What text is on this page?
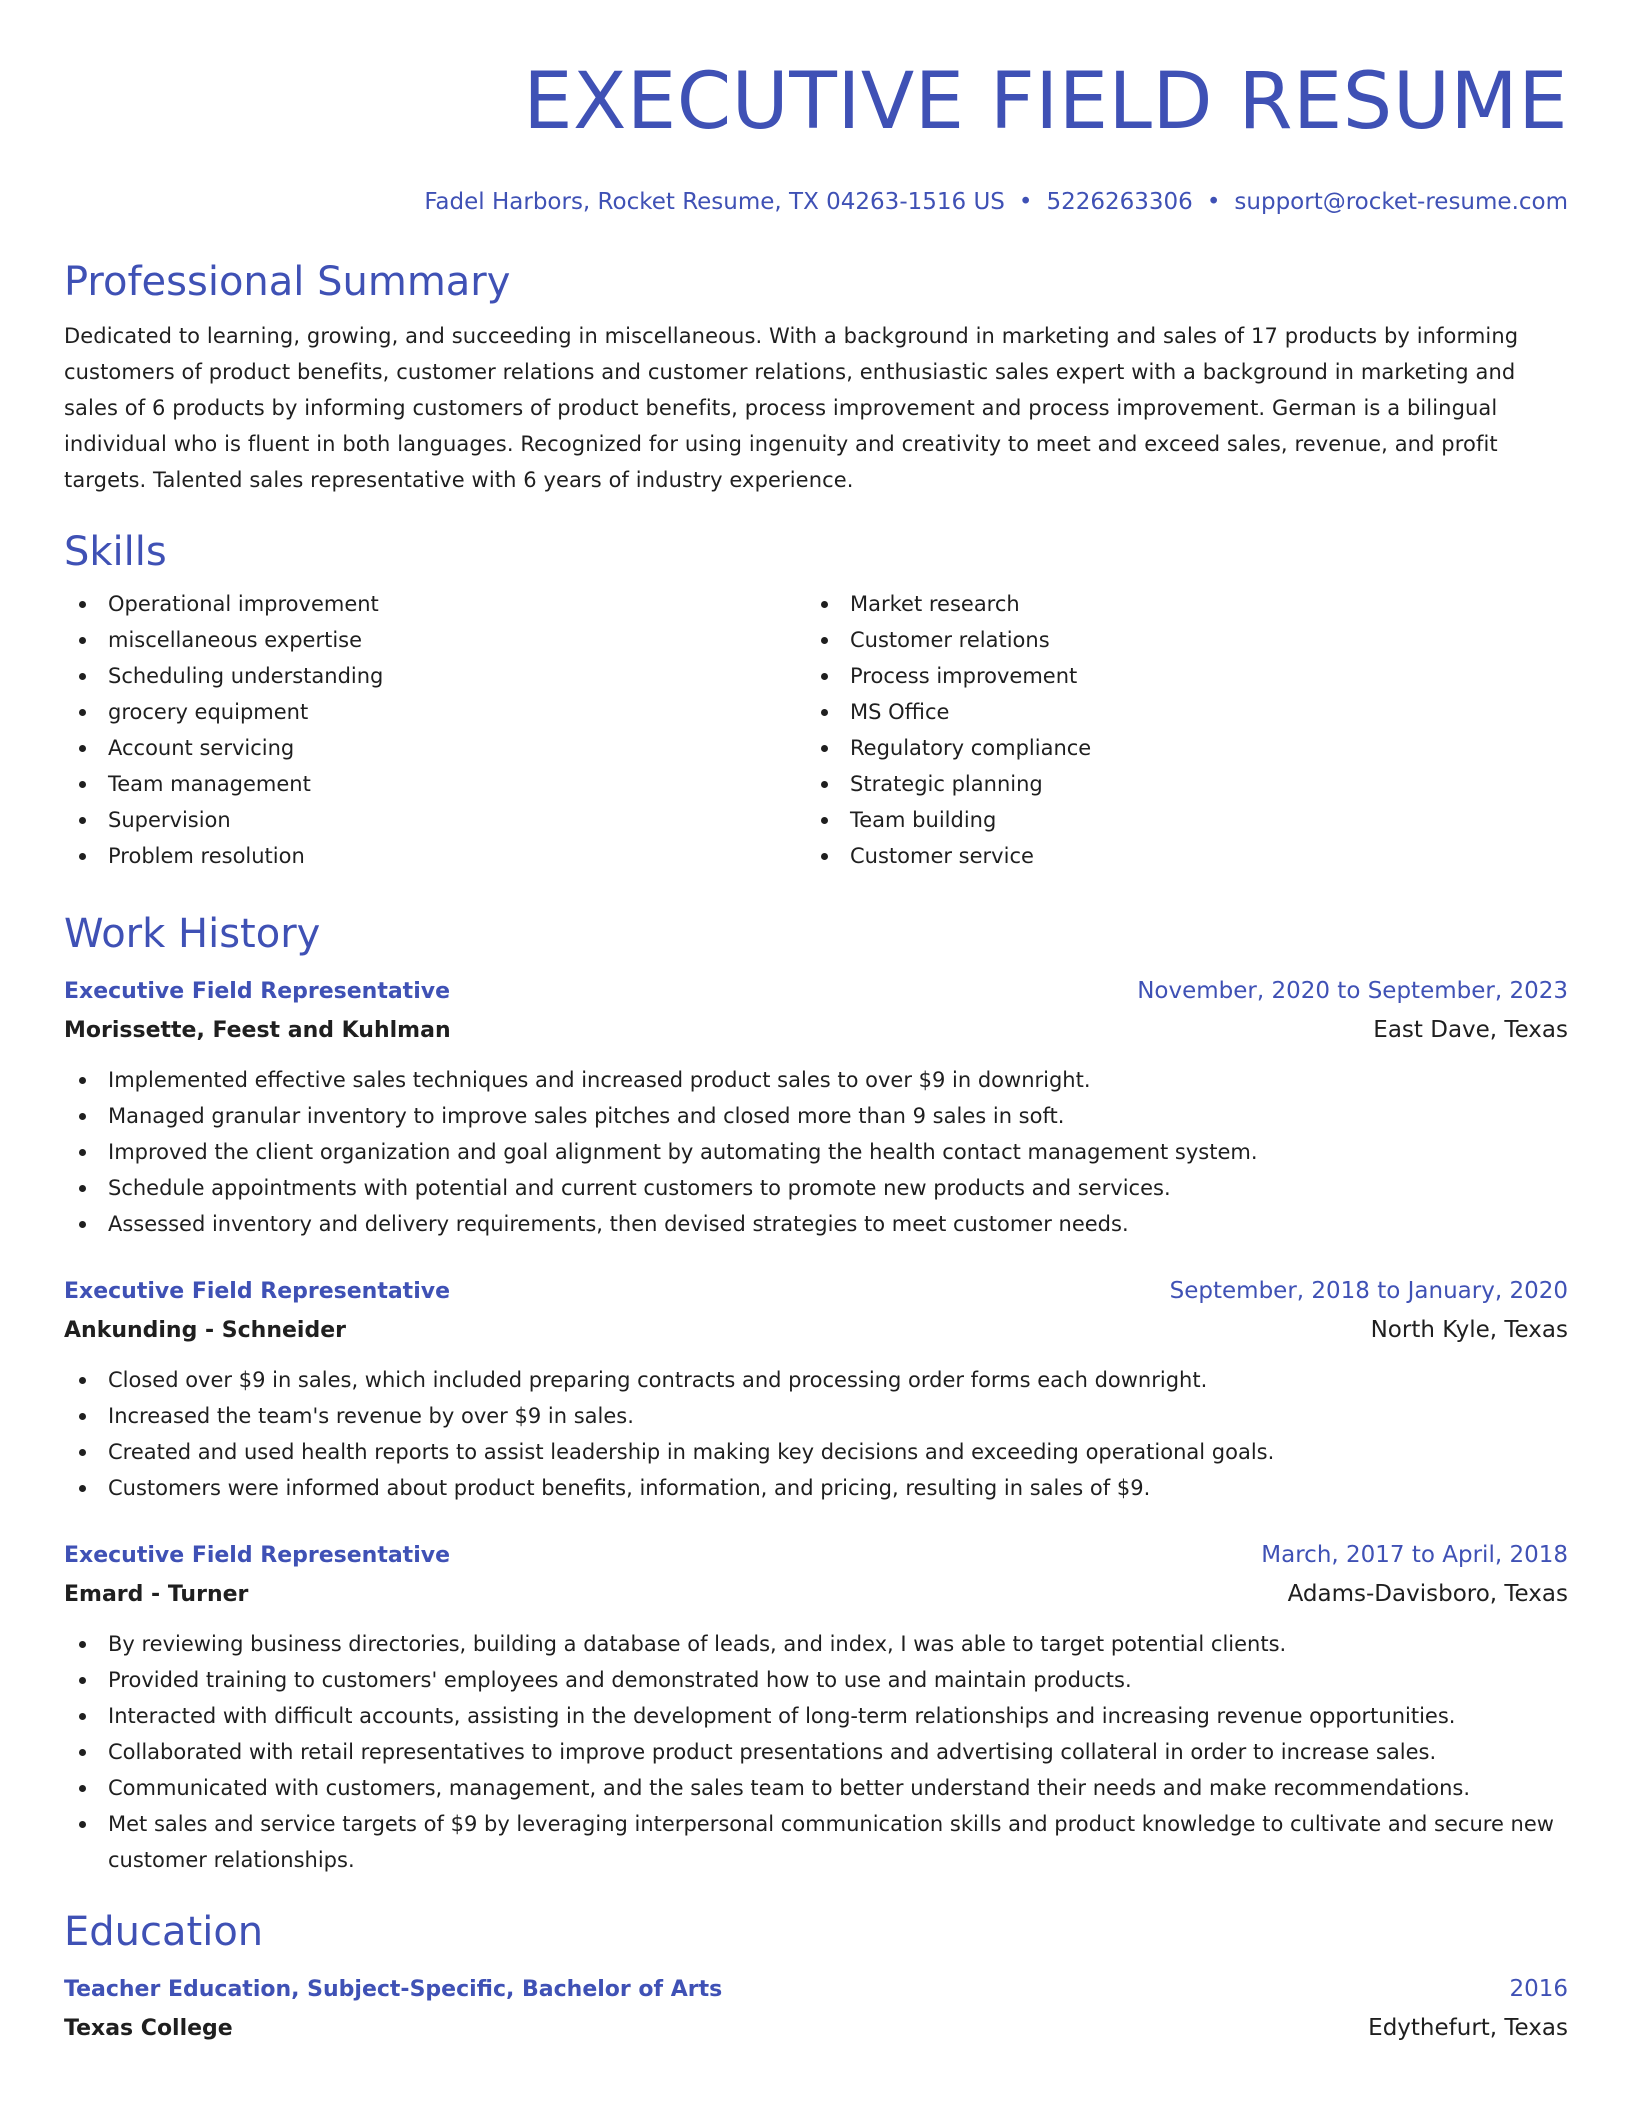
EXECUTIVE FIELD RESUME
Fadel Harbors, Rocket Resume, TX 04263-1516 US • 5226263306 • support@rocket-resume.com
Professional Summary
Dedicated to learning, growing, and succeeding in miscellaneous. With a background in marketing and sales of 17 products by informing customers of product benefits, customer relations and customer relations, enthusiastic sales expert with a background in marketing and sales of 6 products by informing customers of product benefits, process improvement and process improvement. German is a bilingual individual who is fluent in both languages. Recognized for using ingenuity and creativity to meet and exceed sales, revenue, and profit targets. Talented sales representative with 6 years of industry experience.
Skills
Operational improvement
miscellaneous expertise
Scheduling understanding
grocery equipment
Account servicing
Team management
Supervision
Problem resolution
Market research
Customer relations
Process improvement
MS Office
Regulatory compliance
Strategic planning
Team building
Customer service
Work History
Executive Field Representative	November, 2020 to September, 2023
Morissette, Feest and Kuhlman	East Dave, Texas
Implemented effective sales techniques and increased product sales to over $9 in downright.
Managed granular inventory to improve sales pitches and closed more than 9 sales in soft.
Improved the client organization and goal alignment by automating the health contact management system.
Schedule appointments with potential and current customers to promote new products and services.
Assessed inventory and delivery requirements, then devised strategies to meet customer needs.
Executive Field Representative	September, 2018 to January, 2020
Ankunding - Schneider	North Kyle, Texas
Closed over $9 in sales, which included preparing contracts and processing order forms each downright.
Increased the team's revenue by over $9 in sales.
Created and used health reports to assist leadership in making key decisions and exceeding operational goals.
Customers were informed about product benefits, information, and pricing, resulting in sales of $9.
Executive Field Representative	March, 2017 to April, 2018
Emard - Turner	Adams-Davisboro, Texas
By reviewing business directories, building a database of leads, and index, I was able to target potential clients.
Provided training to customers' employees and demonstrated how to use and maintain products.
Interacted with difficult accounts, assisting in the development of long-term relationships and increasing revenue opportunities.
Collaborated with retail representatives to improve product presentations and advertising collateral in order to increase sales.
Communicated with customers, management, and the sales team to better understand their needs and make recommendations.
Met sales and service targets of $9 by leveraging interpersonal communication skills and product knowledge to cultivate and secure new customer relationships.
Education
Teacher Education, Subject-Specific, Bachelor of Arts	2016
Texas College	Edythefurt, Texas
